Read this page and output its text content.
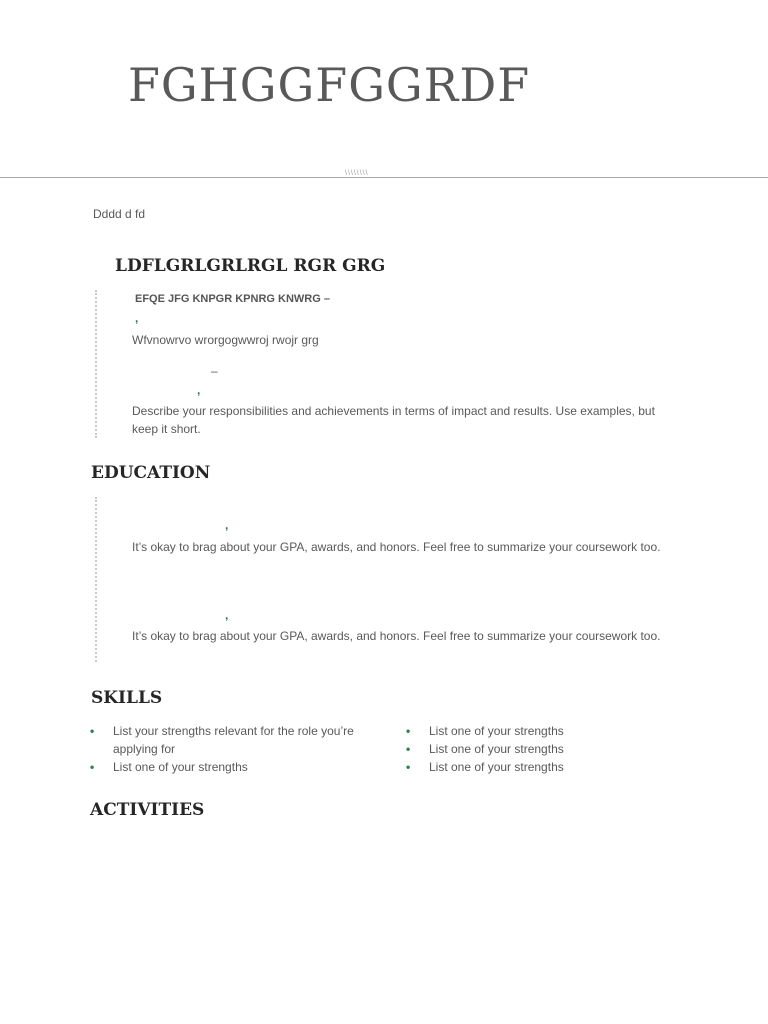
FGHGGFGGRDF
\\\\\\\\
Dddd d fd
LDFLGRLGRLRGL RGR GRG
EFQE JFG KNPGR KPNRG KNWRG –
,
Wfvnowrvo wrorgogwwroj rwojr grg
–
,
Describe your responsibilities and achievements in terms of impact and results. Use examples, but keep it short.
EDUCATION
,
It’s okay to brag about your GPA, awards, and honors. Feel free to summarize your coursework too.
,
It’s okay to brag about your GPA, awards, and honors. Feel free to summarize your coursework too.
SKILLS
• List your strengths relevant for the role you’re applying for
• List one of your strengths
• List one of your strengths
• List one of your strengths
• List one of your strengths
ACTIVITIES
